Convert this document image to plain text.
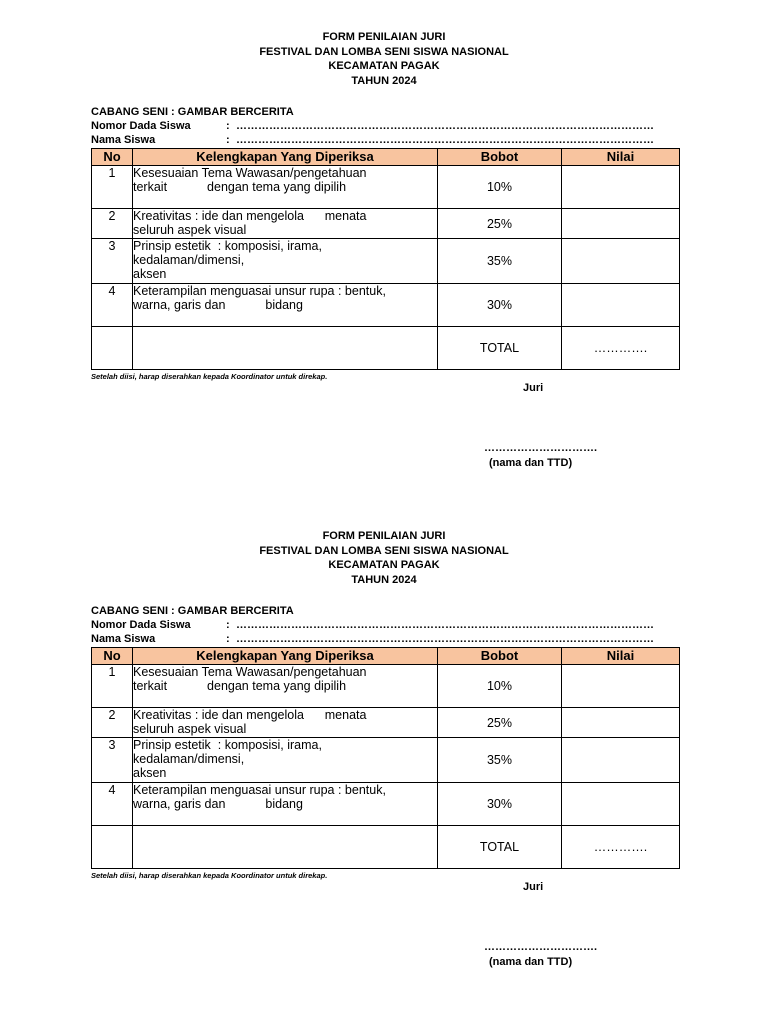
FORM PENILAIAN JURI
FESTIVAL DAN LOMBA SENI SISWA NASIONAL
KECAMATAN PAGAK
TAHUN 2024
CABANG SENI : GAMBAR BERCERITA
Nomor Dada Siswa	: ……………………………………………………………………………………………………
Nama Siswa	: ……………………………………………………………………………………………………
No	Kelengkapan Yang Diperiksa	Bobot	Nilai
1	Kesesuaian Tema Wawasan/pengetahuan
terkait dengan tema yang dipilih	10%	
2	Kreativitas : ide dan mengelola      menata
seluruh aspek visual	25%	
3	Prinsip estetik  : komposisi, irama,
kedalaman/dimensi,
aksen	35%	
4	Keterampilan menguasai unsur rupa : bentuk,
warna, garis dan bidang	30%	
		TOTAL	………….
Setelah diisi, harap diserahkan kepada Koordinator untuk direkap.
Juri
………………………….
(nama dan TTD)
FORM PENILAIAN JURI
FESTIVAL DAN LOMBA SENI SISWA NASIONAL
KECAMATAN PAGAK
TAHUN 2024
CABANG SENI : GAMBAR BERCERITA
Nomor Dada Siswa	: ……………………………………………………………………………………………………
Nama Siswa	: ……………………………………………………………………………………………………
No	Kelengkapan Yang Diperiksa	Bobot	Nilai
1	Kesesuaian Tema Wawasan/pengetahuan
terkait dengan tema yang dipilih	10%	
2	Kreativitas : ide dan mengelola      menata
seluruh aspek visual	25%	
3	Prinsip estetik  : komposisi, irama,
kedalaman/dimensi,
aksen	35%	
4	Keterampilan menguasai unsur rupa : bentuk,
warna, garis dan bidang	30%	
		TOTAL	………….
Setelah diisi, harap diserahkan kepada Koordinator untuk direkap.
Juri
………………………….
(nama dan TTD)
